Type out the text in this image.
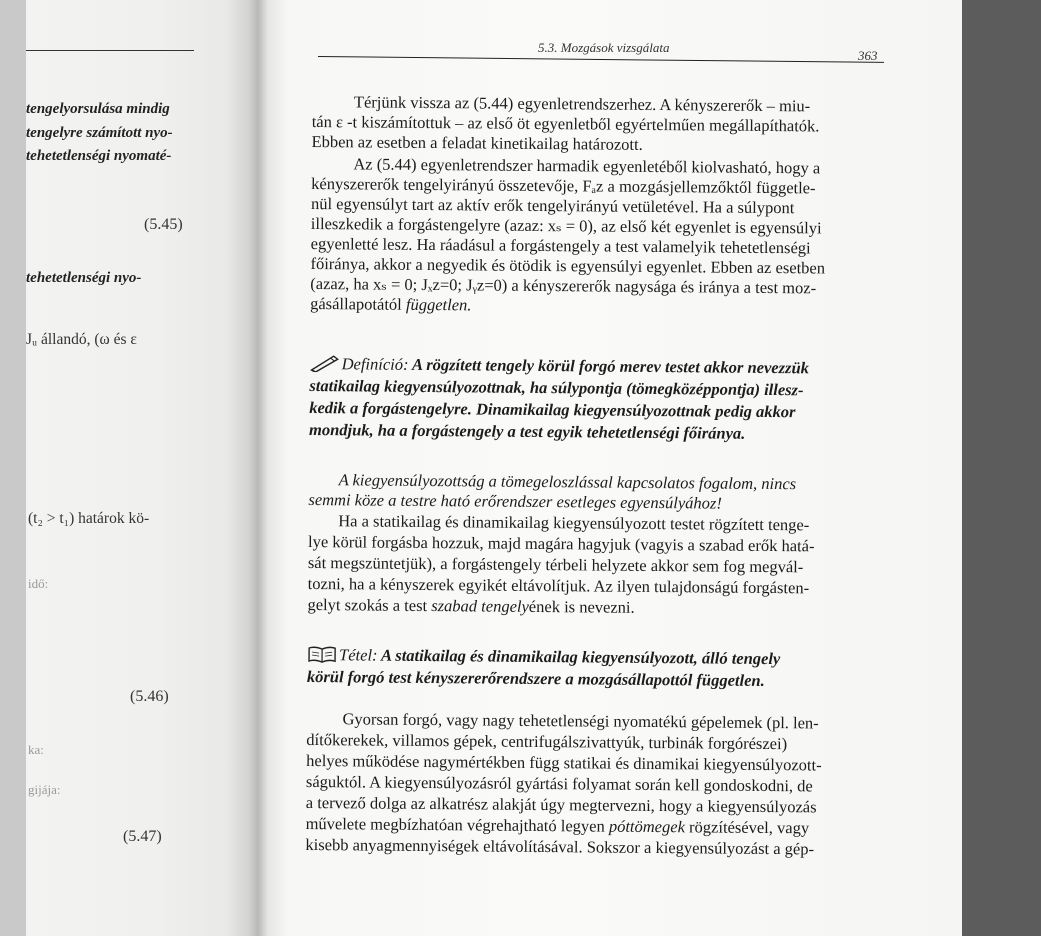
tengelyorsulása mindig
tengelyre számított nyo-
tehetetlenségi nyomaté-
(5.45)
tehetetlenségi nyo-
Jᵤ állandó, (ω és ε
(t₂ > t₁) határok kö-
idő:
(5.46)
ka:
gijája:
(5.47)
5.3. Mozgások vizsgálata
363
Térjünk vissza az (5.44) egyenletrendszerhez. A kényszererők – miu-
tán ε -t kiszámítottuk – az első öt egyenletből egyértelműen megállapíthatók.
Ebben az esetben a feladat kinetikailag határozott.
Az (5.44) egyenletrendszer harmadik egyenletéből kiolvasható, hogy a
kényszererők tengelyirányú összetevője, Fₐz a mozgásjellemzőktől függetle-
nül egyensúlyt tart az aktív erők tengelyirányú vetületével. Ha a súlypont
illeszkedik a forgástengelyre (azaz: xₛ = 0), az első két egyenlet is egyensúlyi
egyenletté lesz. Ha ráadásul a forgástengely a test valamelyik tehetetlenségi
főiránya, akkor a negyedik és ötödik is egyensúlyi egyenlet. Ebben az esetben
(azaz, ha xₛ = 0; Jₓz=0; Jᵧz=0) a kényszererők nagysága és iránya a test moz-
gásállapotától független.
Definíció: A rögzített tengely körül forgó merev testet akkor nevezzük
statikailag kiegyensúlyozottnak, ha súlypontja (tömegközéppontja) illesz-
kedik a forgástengelyre. Dinamikailag kiegyensúlyozottnak pedig akkor
mondjuk, ha a forgástengely a test egyik tehetetlenségi főiránya.
A kiegyensúlyozottság a tömegeloszlással kapcsolatos fogalom, nincs
semmi köze a testre ható erőrendszer esetleges egyensúlyához!
Ha a statikailag és dinamikailag kiegyensúlyozott testet rögzített tenge-
lye körül forgásba hozzuk, majd magára hagyjuk (vagyis a szabad erők hatá-
sát megszüntetjük), a forgástengely térbeli helyzete akkor sem fog megvál-
tozni, ha a kényszerek egyikét eltávolítjuk. Az ilyen tulajdonságú forgásten-
gelyt szokás a test szabad tengelyének is nevezni.
Tétel: A statikailag és dinamikailag kiegyensúlyozott, álló tengely
körül forgó test kényszererőrendszere a mozgásállapottól független.
Gyorsan forgó, vagy nagy tehetetlenségi nyomatékú gépelemek (pl. len-
dítőkerekek, villamos gépek, centrifugálszivattyúk, turbinák forgórészei)
helyes működése nagymértékben függ statikai és dinamikai kiegyensúlyozott-
ságuktól. A kiegyensúlyozásról gyártási folyamat során kell gondoskodni, de
a tervező dolga az alkatrész alakját úgy megtervezni, hogy a kiegyensúlyozás
művelete megbízhatóan végrehajtható legyen póttömegek rögzítésével, vagy
kisebb anyagmennyiségek eltávolításával. Sokszor a kiegyensúlyozást a gép-
